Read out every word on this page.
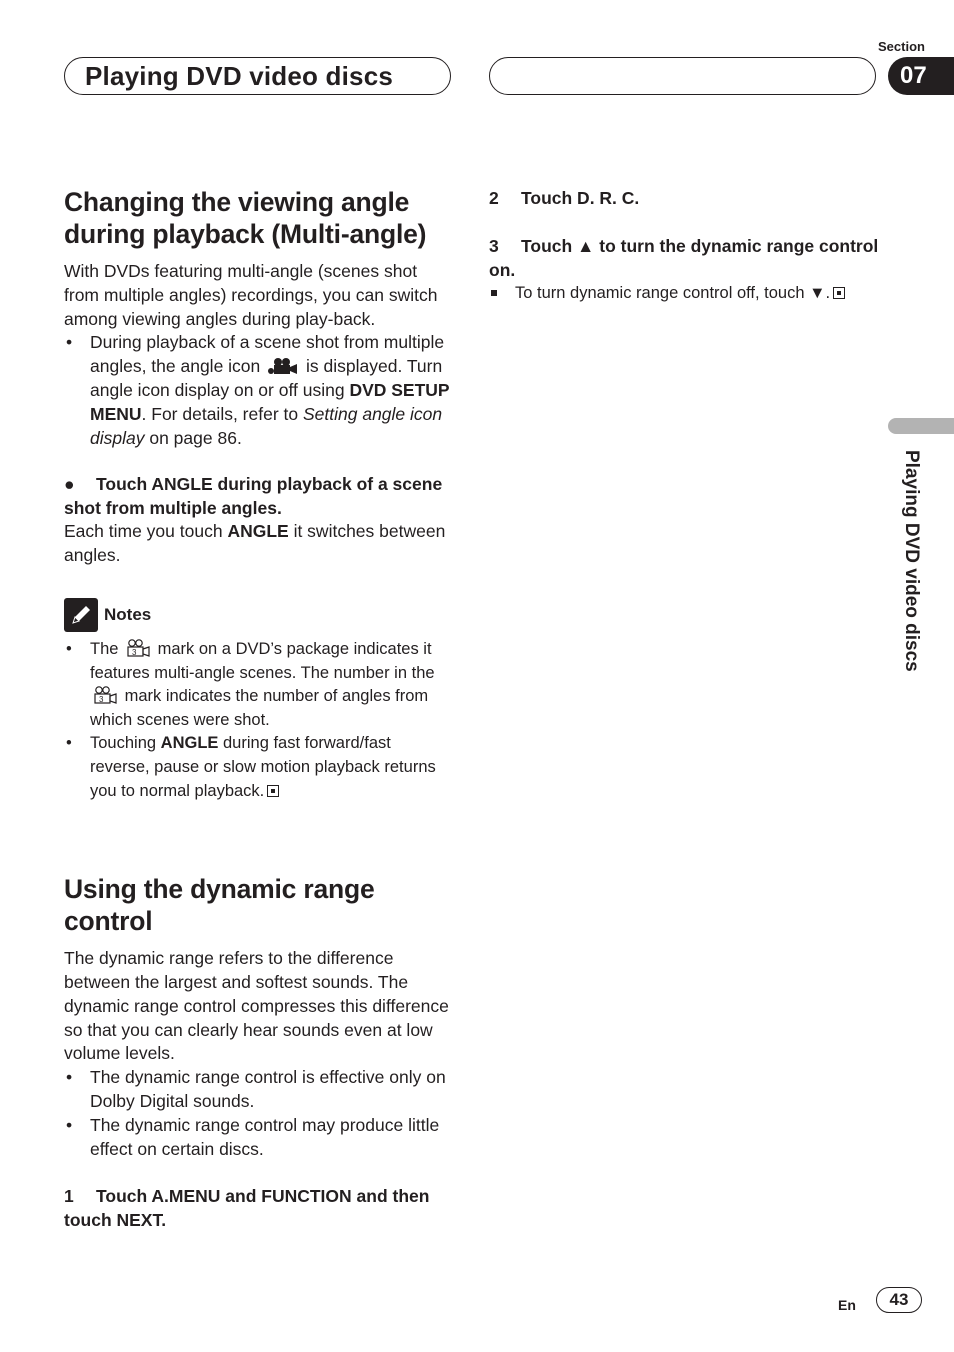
Playing DVD video discs
Section
07
Playing DVD video discs
Changing the viewing angle during playback (Multi-angle)

With DVDs featuring multi-angle (scenes shot from multiple angles) recordings, you can switch among viewing angles during play-back.

• During playback of a scene shot from multiple angles, the angle icon	is displayed. Turn angle icon display on or off using DVD SETUP MENU. For details, refer to Setting angle icon display on page 86.
● Touch ANGLE during playback of a scene shot from multiple angles.

Each time you touch ANGLE it switches between angles.

Notes
• The 3 mark on a DVD’s package indicates it features multi-angle scenes. The number in the
3 mark indicates the number of angles from which scenes were shot.
• Touching ANGLE during fast forward/fast reverse, pause or slow motion playback returns you to normal playback.
Using the dynamic range control

The dynamic range refers to the difference between the largest and softest sounds. The dynamic range control compresses this difference so that you can clearly hear sounds even at low volume levels.

• The dynamic range control is effective only on Dolby Digital sounds.
• The dynamic range control may produce little effect on certain discs.
1 Touch A.MENU and FUNCTION and then touch NEXT.
2 Touch D. R. C.
3 Touch ▲ to turn the dynamic range control on.
To turn dynamic range control off, touch ▼.
En	43
